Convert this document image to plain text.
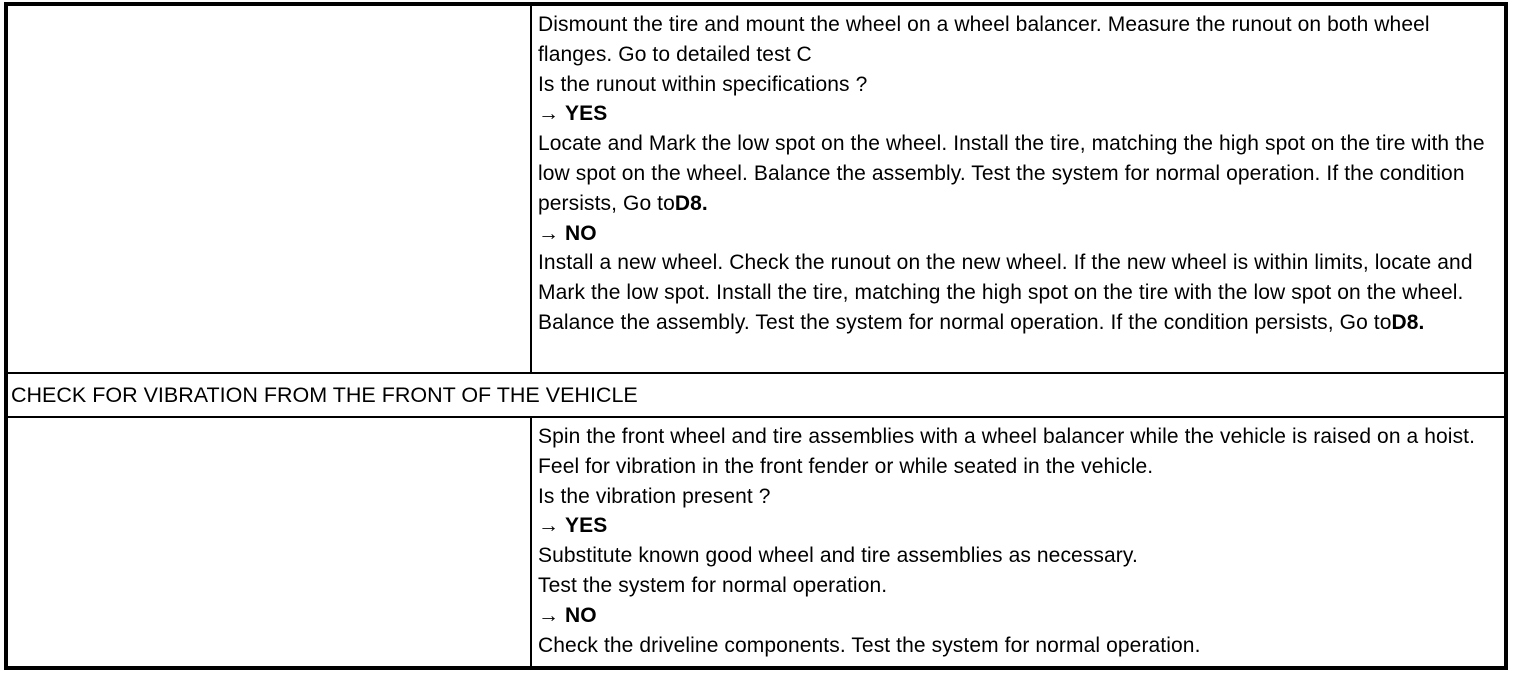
Dismount the tire and mount the wheel on a wheel balancer. Measure the runout on both wheel flanges. Go to detailed test C
Is the runout within specifications ?
→ YES
Locate and Mark the low spot on the wheel. Install the tire, matching the high spot on the tire with the low spot on the wheel. Balance the assembly. Test the system for normal operation. If the condition persists, Go toD8.
→ NO
Install a new wheel. Check the runout on the new wheel. If the new wheel is within limits, locate and Mark the low spot. Install the tire, matching the high spot on the tire with the low spot on the wheel. Balance the assembly. Test the system for normal operation. If the condition persists, Go toD8.
CHECK FOR VIBRATION FROM THE FRONT OF THE VEHICLE
Spin the front wheel and tire assemblies with a wheel balancer while the vehicle is raised on a hoist. Feel for vibration in the front fender or while seated in the vehicle.
Is the vibration present ?
→ YES
Substitute known good wheel and tire assemblies as necessary.
Test the system for normal operation.
→ NO
Check the driveline components. Test the system for normal operation.
